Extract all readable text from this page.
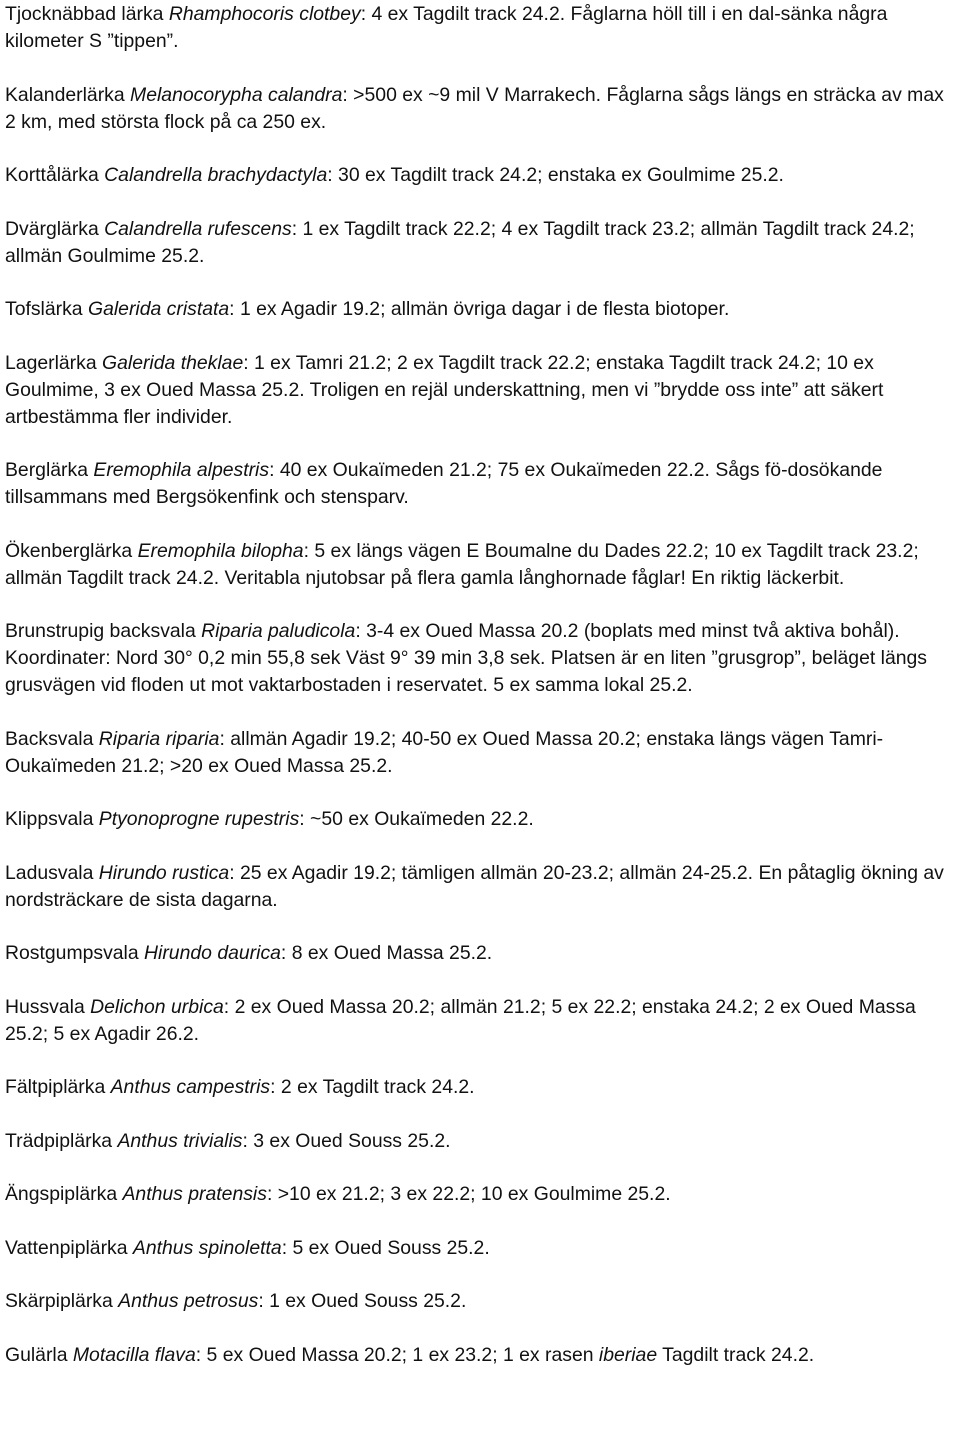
Tjocknäbbad lärka Rhamphocoris clotbey: 4 ex Tagdilt track 24.2. Fåglarna höll till i en dal-sänka några kilometer S ”tippen”.

Kalanderlärka Melanocorypha calandra: >500 ex ~9 mil V Marrakech. Fåglarna sågs längs en sträcka av max 2 km, med största flock på ca 250 ex.

Korttålärka Calandrella brachydactyla: 30 ex Tagdilt track 24.2; enstaka ex Goulmime 25.2.

Dvärglärka Calandrella rufescens: 1 ex Tagdilt track 22.2; 4 ex Tagdilt track 23.2; allmän Tagdilt track 24.2; allmän Goulmime 25.2.

Tofslärka Galerida cristata: 1 ex Agadir 19.2; allmän övriga dagar i de flesta biotoper.

Lagerlärka Galerida theklae: 1 ex Tamri 21.2; 2 ex Tagdilt track 22.2; enstaka Tagdilt track 24.2; 10 ex Goulmime, 3 ex Oued Massa 25.2. Troligen en rejäl underskattning, men vi ”brydde oss inte” att säkert artbestämma fler individer.

Berglärka Eremophila alpestris: 40 ex Oukaïmeden 21.2; 75 ex Oukaïmeden 22.2. Sågs fö-dosökande tillsammans med Bergsökenfink och stensparv.

Ökenberglärka Eremophila bilopha: 5 ex längs vägen E Boumalne du Dades 22.2; 10 ex Tagdilt track 23.2; allmän Tagdilt track 24.2. Veritabla njutobsar på flera gamla långhornade fåglar! En riktig läckerbit.

Brunstrupig backsvala Riparia paludicola: 3-4 ex Oued Massa 20.2 (boplats med minst två aktiva bohål). Koordinater: Nord 30° 0,2 min 55,8 sek Väst 9° 39 min 3,8 sek. Platsen är en liten ”grusgrop”, beläget längs grusvägen vid floden ut mot vaktarbostaden i reservatet. 5 ex samma lokal 25.2.

Backsvala Riparia riparia: allmän Agadir 19.2; 40-50 ex Oued Massa 20.2; enstaka längs vägen Tamri-Oukaïmeden 21.2; >20 ex Oued Massa 25.2.

Klippsvala Ptyonoprogne rupestris: ~50 ex Oukaïmeden 22.2.

Ladusvala Hirundo rustica: 25 ex Agadir 19.2; tämligen allmän 20-23.2; allmän 24-25.2. En påtaglig ökning av nordsträckare de sista dagarna.

Rostgumpsvala Hirundo daurica: 8 ex Oued Massa 25.2.

Hussvala Delichon urbica: 2 ex Oued Massa 20.2; allmän 21.2; 5 ex 22.2; enstaka 24.2; 2 ex Oued Massa 25.2; 5 ex Agadir 26.2.

Fältpiplärka Anthus campestris: 2 ex Tagdilt track 24.2.

Trädpiplärka Anthus trivialis: 3 ex Oued Souss 25.2.

Ängspiplärka Anthus pratensis: >10 ex 21.2; 3 ex 22.2; 10 ex Goulmime 25.2.

Vattenpiplärka Anthus spinoletta: 5 ex Oued Souss 25.2.

Skärpiplärka Anthus petrosus: 1 ex Oued Souss 25.2.

Gulärla Motacilla flava: 5 ex Oued Massa 20.2; 1 ex 23.2; 1 ex rasen iberiae Tagdilt track 24.2.
